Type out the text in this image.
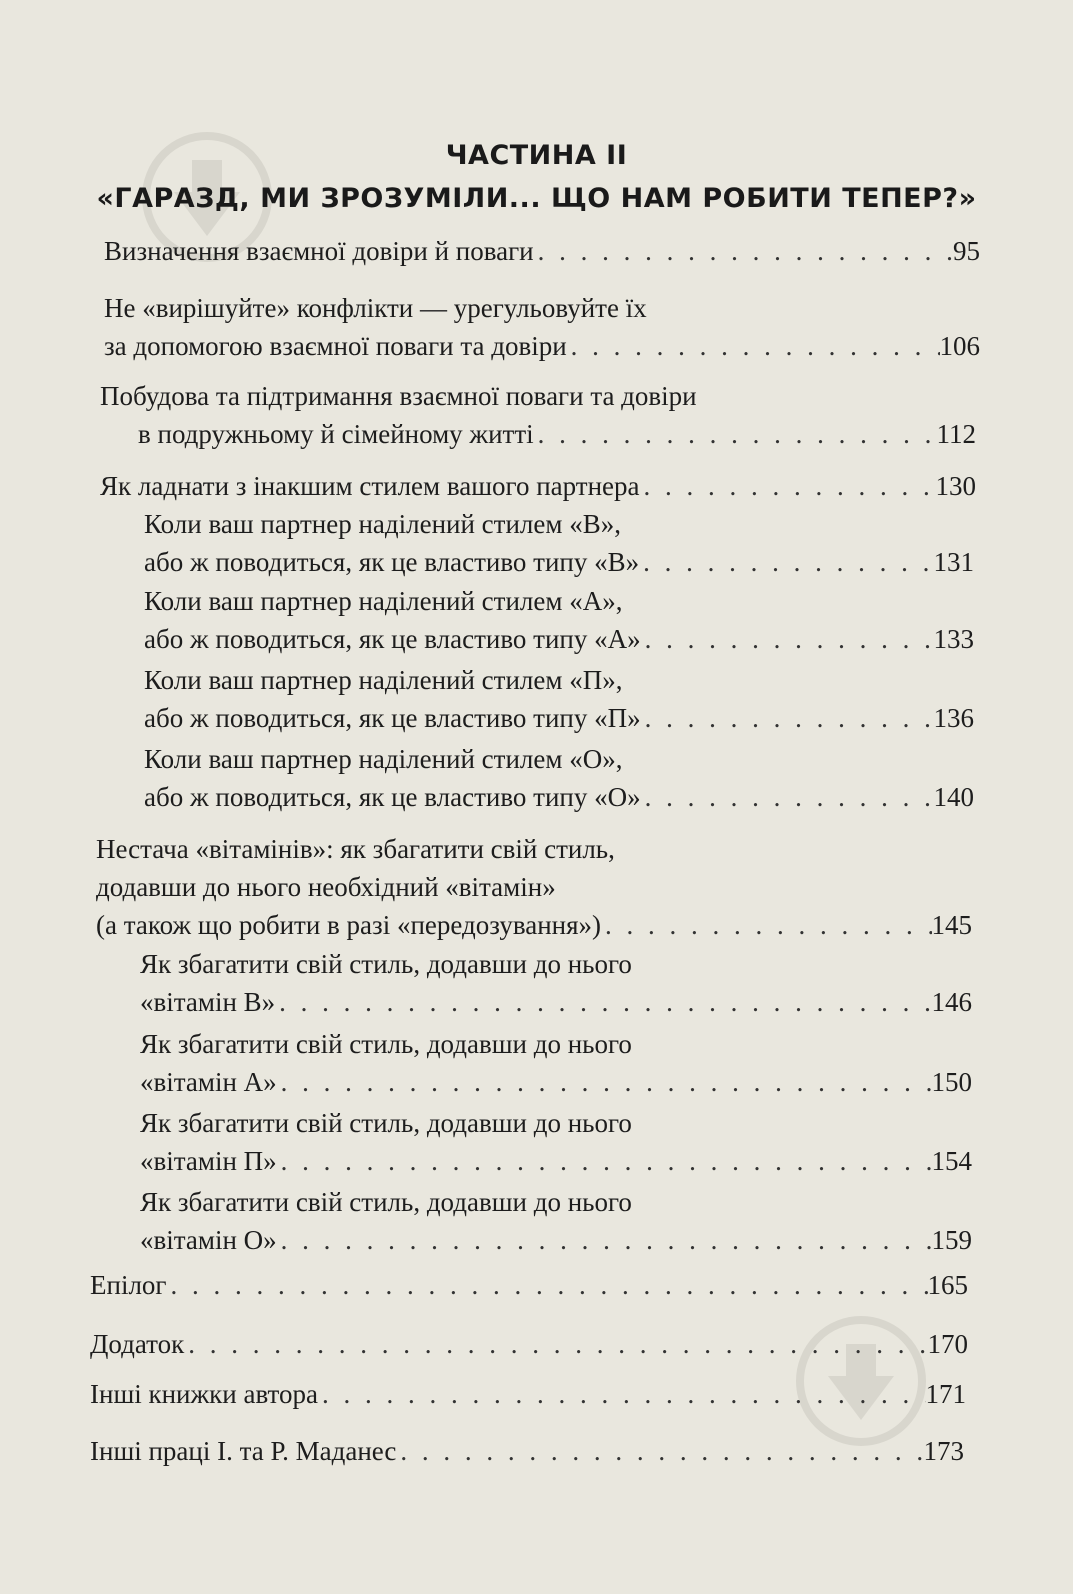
ЧАСТИНА II
«ГАРАЗД, МИ ЗРОЗУМІЛИ... ЩО НАМ РОБИТИ ТЕПЕР?»
Визначення взаємної довіри й поваги . . .	95
Не «вирішуйте» конфлікти — урегульовуйте їх
за допомогою взаємної поваги та довіри . . .	106
Побудова та підтримання взаємної поваги та довіри
в подружньому й сімейному житті . . .	112
Як ладнати з інакшим стилем вашого партнера . . .	130
Коли ваш партнер наділений стилем «В»,
або ж поводиться, як це властиво типу «В» . . .	131
Коли ваш партнер наділений стилем «А»,
або ж поводиться, як це властиво типу «А» . . .	133
Коли ваш партнер наділений стилем «П»,
або ж поводиться, як це властиво типу «П» . . .	136
Коли ваш партнер наділений стилем «О»,
або ж поводиться, як це властиво типу «О» . . .	140
Нестача «вітамінів»: як збагатити свій стиль,
додавши до нього необхідний «вітамін»
(а також що робити в разі «передозування») . . .	145
Як збагатити свій стиль, додавши до нього
«вітамін В» . . .	146
Як збагатити свій стиль, додавши до нього
«вітамін А» . . .	150
Як збагатити свій стиль, додавши до нього
«вітамін П» . . .	154
Як збагатити свій стиль, додавши до нього
«вітамін О» . . .	159
Епілог . . .	165
Додаток . . .	170
Інші книжки автора . . .	171
Інші праці І. та Р. Маданес . . .	173
